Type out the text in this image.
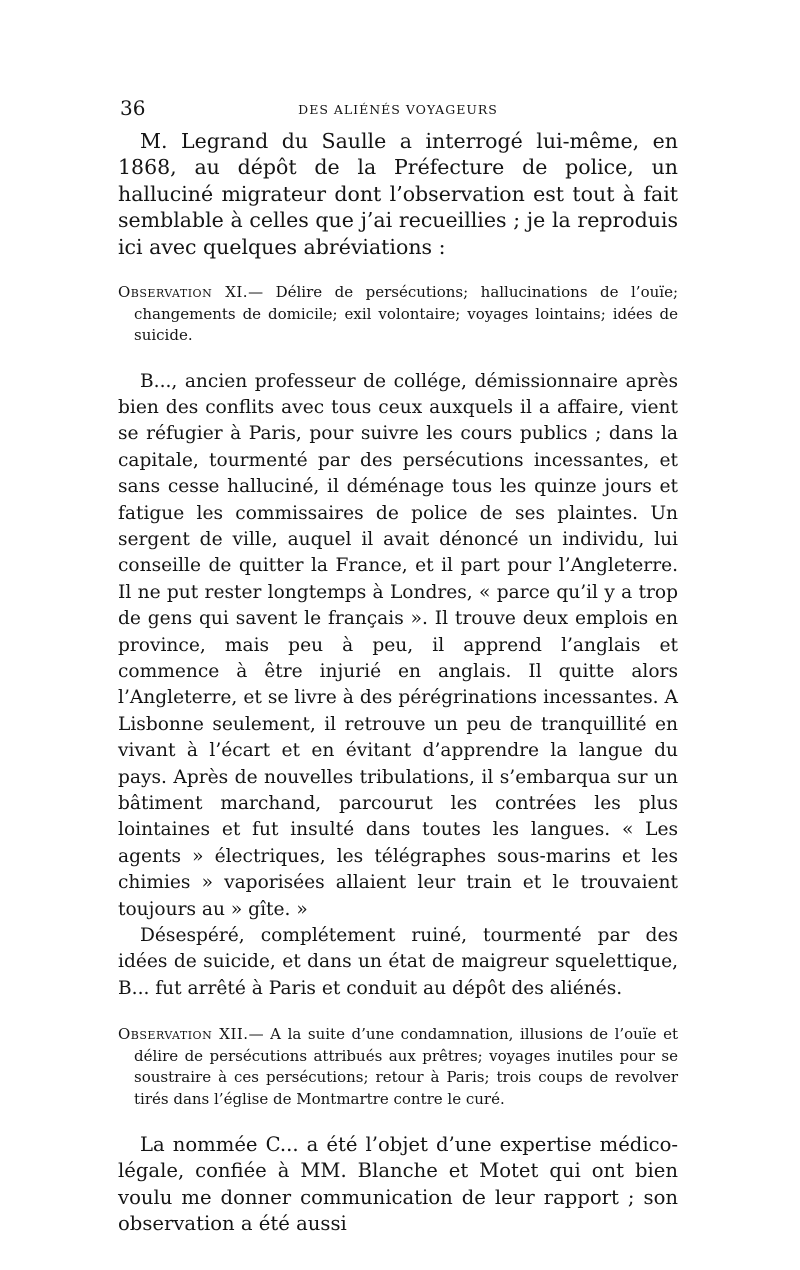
36	DES ALIÉNÉS VOYAGEURS

M. Legrand du Saulle a interrogé lui-même, en 1868, au dépôt de la Préfecture de police, un halluciné migrateur dont l’observation est tout à fait semblable à celles que j’ai recueillies ; je la reproduis ici avec quelques abréviations :

Observation XI.— Délire de persécutions; hallucinations de l’ouïe; changements de domicile; exil volontaire; voyages lointains; idées de suicide.

B..., ancien professeur de collége, démissionnaire après bien des conflits avec tous ceux auxquels il a affaire, vient se réfugier à Paris, pour suivre les cours publics ; dans la capitale, tourmenté par des persécutions incessantes, et sans cesse halluciné, il déménage tous les quinze jours et fatigue les commissaires de police de ses plaintes. Un sergent de ville, auquel il avait dénoncé un individu, lui conseille de quitter la France, et il part pour l’Angleterre. Il ne put rester longtemps à Londres, « parce qu’il y a trop de gens qui savent le français ». Il trouve deux emplois en province, mais peu à peu, il apprend l’anglais et commence à être injurié en anglais. Il quitte alors l’Angleterre, et se livre à des pérégrinations incessantes. A Lisbonne seulement, il retrouve un peu de tranquillité en vivant à l’écart et en évitant d’apprendre la langue du pays. Après de nouvelles tribulations, il s’embarqua sur un bâtiment marchand, parcourut les contrées les plus lointaines et fut insulté dans toutes les langues. « Les agents » électriques, les télégraphes sous-marins et les chimies » vaporisées allaient leur train et le trouvaient toujours au » gîte. »

Désespéré, complétement ruiné, tourmenté par des idées de suicide, et dans un état de maigreur squelettique, B... fut arrêté à Paris et conduit au dépôt des aliénés.

Observation XII.— A la suite d’une condamnation, illusions de l’ouïe et délire de persécutions attribués aux prêtres; voyages inutiles pour se soustraire à ces persécutions; retour à Paris; trois coups de revolver tirés dans l’église de Montmartre contre le curé.

La nommée C... a été l’objet d’une expertise médico-légale, confiée à MM. Blanche et Motet qui ont bien voulu me donner communication de leur rapport ; son observation a été aussi
